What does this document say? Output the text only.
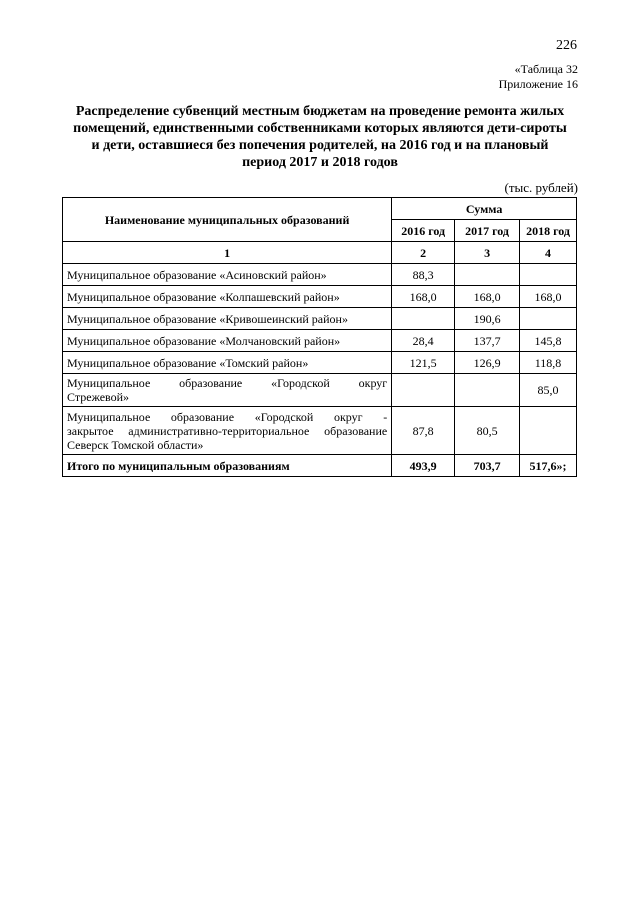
226
«Таблица 32
Приложение 16
Распределение субвенций местным бюджетам на проведение ремонта жилых
помещений, единственными собственниками которых являются дети-сироты
и дети, оставшиеся без попечения родителей, на 2016 год и на плановый
период 2017 и 2018 годов
(тыс. рублей)
Наименование муниципальных образований	Сумма		
	2016 год	2017 год	2018 год
1	2	3	4
Муниципальное образование «Асиновский район»	88,3		
Муниципальное образование «Колпашевский район»	168,0	168,0	168,0
Муниципальное образование «Кривошеинский район»		190,6	
Муниципальное образование «Молчановский район»	28,4	137,7	145,8
Муниципальное образование «Томский район»	121,5	126,9	118,8

Муниципальное образование «Городской округ
Стрежевой»			85,0

Муниципальное образование «Городской округ -
закрытое административно-территориальное образование
Северск Томской области»	87,8	80,5	
Итого по муниципальным образованиям	493,9	703,7	517,6»;
